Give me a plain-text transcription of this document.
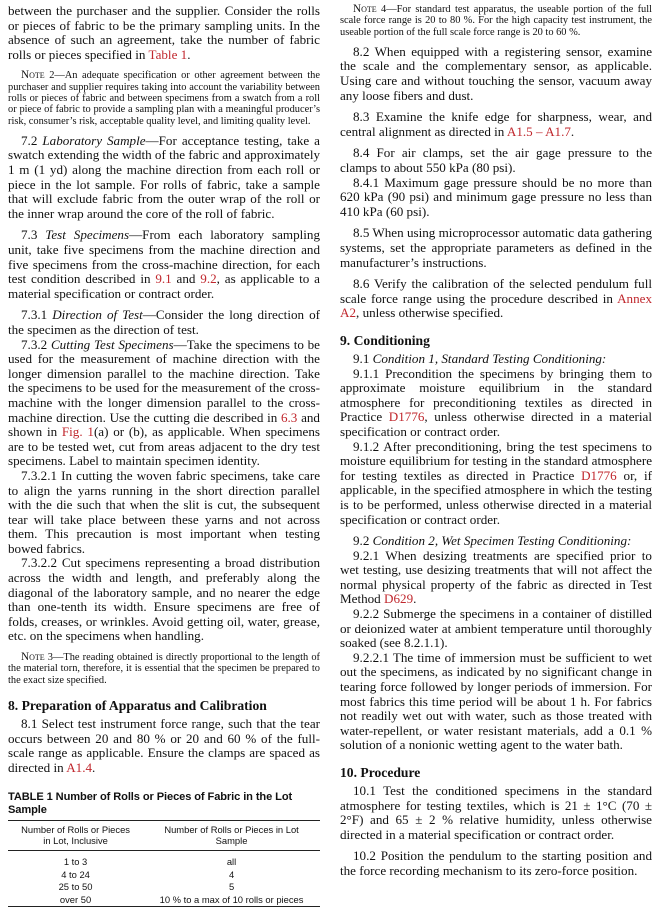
between the purchaser and the supplier. Consider the rolls or pieces of fabric to be the primary sampling units. In the absence of such an agreement, take the number of fabric rolls or pieces specified in Table 1.

Note 2—An adequate specification or other agreement between the purchaser and supplier requires taking into account the variability between rolls or pieces of fabric and between specimens from a swatch from a roll or piece of fabric to provide a sampling plan with a meaningful producer’s risk, consumer’s risk, acceptable quality level, and limiting quality level.

7.2 Laboratory Sample—For acceptance testing, take a swatch extending the width of the fabric and approximately 1 m (1 yd) along the machine direction from each roll or piece in the lot sample. For rolls of fabric, take a sample that will exclude fabric from the outer wrap of the roll or the inner wrap around the core of the roll of fabric.

7.3 Test Specimens—From each laboratory sampling unit, take five specimens from the machine direction and five specimens from the cross-machine direction, for each test condition described in 9.1 and 9.2, as applicable to a material specification or contract order.

7.3.1 Direction of Test—Consider the long direction of the specimen as the direction of test.

7.3.2 Cutting Test Specimens—Take the specimens to be used for the measurement of machine direction with the longer dimension parallel to the machine direction. Take the specimens to be used for the measurement of the cross-machine with the longer dimension parallel to the cross-machine direction. Use the cutting die described in 6.3 and shown in Fig. 1(a) or (b), as applicable. When specimens are to be tested wet, cut from areas adjacent to the dry test specimens. Label to maintain specimen identity.

7.3.2.1 In cutting the woven fabric specimens, take care to align the yarns running in the short direction parallel with the die such that when the slit is cut, the subsequent tear will take place between these yarns and not across them. This precaution is most important when testing bowed fabrics.

7.3.2.2 Cut specimens representing a broad distribution across the width and length, and preferably along the diagonal of the laboratory sample, and no nearer the edge than one-tenth its width. Ensure specimens are free of folds, creases, or wrinkles. Avoid getting oil, water, grease, etc. on the specimens when handling.

Note 3—The reading obtained is directly proportional to the length of the material torn, therefore, it is essential that the specimen be prepared to the exact size specified.

8. Preparation of Apparatus and Calibration

8.1 Select test instrument force range, such that the tear occurs between 20 and 80 % or 20 and 60 % of the full-scale range as applicable. Ensure the clamps are spaced as directed in A1.4.

TABLE 1 Number of Rolls or Pieces of Fabric in the Lot Sample
Number of Rolls or Pieces
in Lot, Inclusive

Number of Rolls or Pieces in Lot
Sample

1 to 3	all
4 to 24	4
25 to 50	5
over 50	10 % to a max of 10 rolls or pieces

Note 4—For standard test apparatus, the useable portion of the full scale force range is 20 to 80 %. For the high capacity test instrument, the useable portion of the full scale force range is 20 to 60 %.

8.2 When equipped with a registering sensor, examine the scale and the complementary sensor, as applicable. Using care and without touching the sensor, vacuum away any loose fibers and dust.

8.3 Examine the knife edge for sharpness, wear, and central alignment as directed in A1.5 – A1.7.

8.4 For air clamps, set the air gage pressure to the clamps to about 550 kPa (80 psi).

8.4.1 Maximum gage pressure should be no more than 620 kPa (90 psi) and minimum gage pressure no less than 410 kPa (60 psi).

8.5 When using microprocessor automatic data gathering systems, set the appropriate parameters as defined in the manufacturer’s instructions.

8.6 Verify the calibration of the selected pendulum full scale force range using the procedure described in Annex A2, unless otherwise specified.

9. Conditioning

9.1 Condition 1, Standard Testing Conditioning:

9.1.1 Precondition the specimens by bringing them to approximate moisture equilibrium in the standard atmosphere for preconditioning textiles as directed in Practice D1776, unless otherwise directed in a material specification or contract order.

9.1.2 After preconditioning, bring the test specimens to moisture equilibrium for testing in the standard atmosphere for testing textiles as directed in Practice D1776 or, if applicable, in the specified atmosphere in which the testing is to be performed, unless otherwise directed in a material specification or contract order.

9.2 Condition 2, Wet Specimen Testing Conditioning:

9.2.1 When desizing treatments are specified prior to wet testing, use desizing treatments that will not affect the normal physical property of the fabric as directed in Test Method D629.

9.2.2 Submerge the specimens in a container of distilled or deionized water at ambient temperature until thoroughly soaked (see 8.2.1.1).

9.2.2.1 The time of immersion must be sufficient to wet out the specimens, as indicated by no significant change in tearing force followed by longer periods of immersion. For most fabrics this time period will be about 1 h. For fabrics not readily wet out with water, such as those treated with water-repellent, or water resistant materials, add a 0.1 % solution of a nonionic wetting agent to the water bath.

10. Procedure

10.1 Test the conditioned specimens in the standard atmosphere for testing textiles, which is 21 ± 1°C (70 ± 2°F) and 65 ± 2 % relative humidity, unless otherwise directed in a material specification or contract order.

10.2 Position the pendulum to the starting position and the force recording mechanism to its zero-force position.
